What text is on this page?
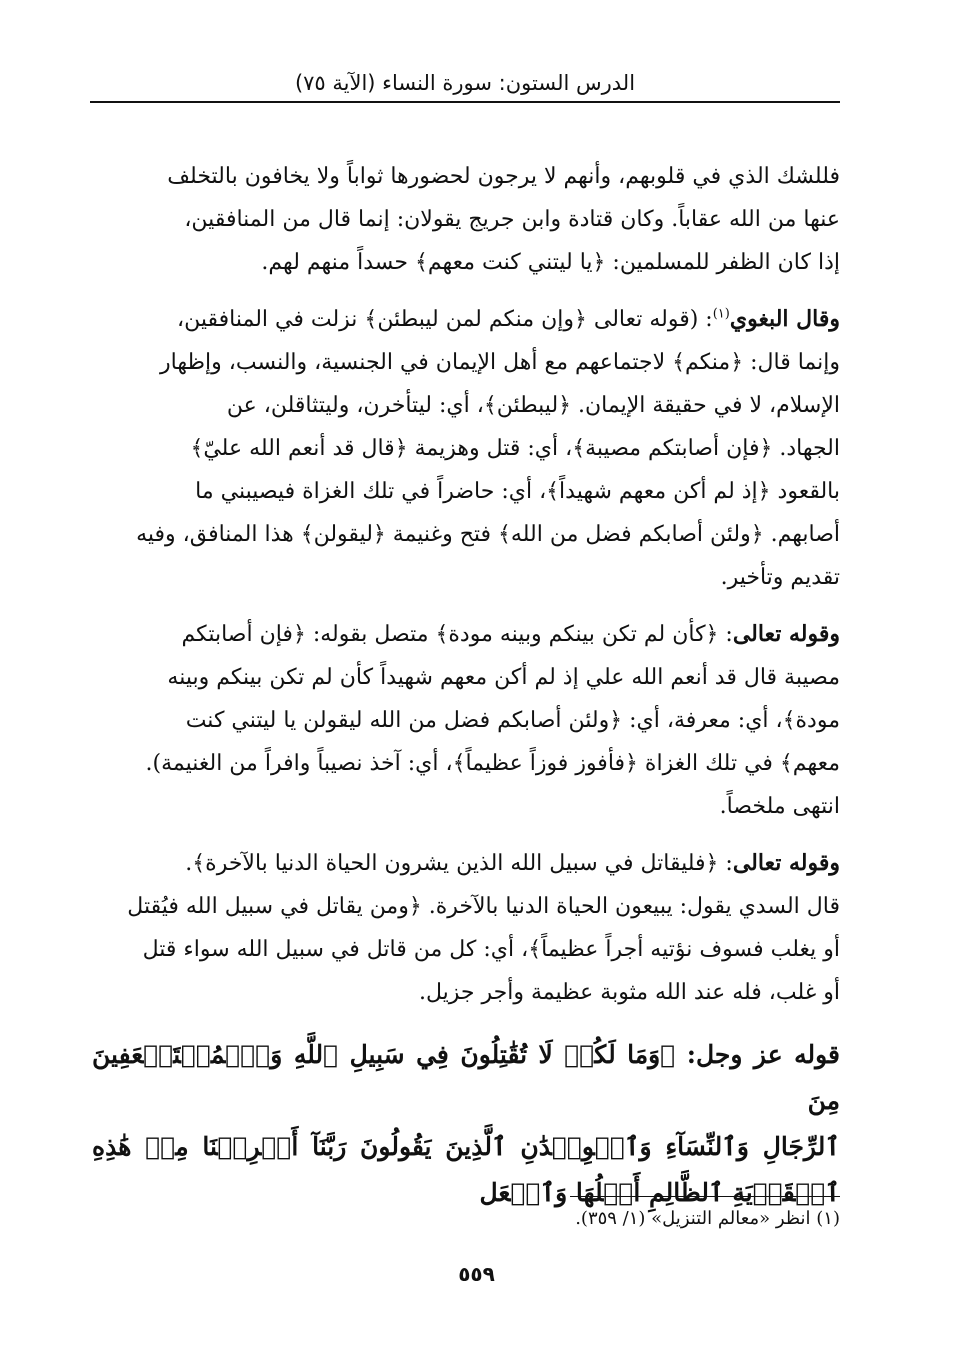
الدرس الستون: سورة النساء (الآية ٧٥)

فللشك الذي في قلوبهم، وأنهم لا يرجون لحضورها ثواباً ولا يخافون بالتخلف
عنها من الله عقاباً. وكان قتادة وابن جريج يقولان: إنما قال من المنافقين،
إذا كان الظفر للمسلمين: ﴿يا ليتني كنت معهم﴾ حسداً منهم لهم.

وقال البغوي$^{(١)}$: (قوله تعالى ﴿وإن منكم لمن ليبطئن﴾ نزلت في المنافقين،
وإنما قال: ﴿منكم﴾ لاجتماعهم مع أهل الإيمان في الجنسية، والنسب، وإظهار
الإسلام، لا في حقيقة الإيمان. ﴿ليبطئن﴾، أي: ليتأخرن، وليتثاقلن، عن
الجهاد. ﴿فإن أصابتكم مصيبة﴾، أي: قتل وهزيمة ﴿قال قد أنعم الله عليّ﴾
بالقعود ﴿إذ لم أكن معهم شهيداً﴾، أي: حاضراً في تلك الغزاة فيصيبني ما
أصابهم. ﴿ولئن أصابكم فضل من الله﴾ فتح وغنيمة ﴿ليقولن﴾ هذا المنافق، وفيه
تقديم وتأخير.

وقوله تعالى: ﴿كأن لم تكن بينكم وبينه مودة﴾ متصل بقوله: ﴿فإن أصابتكم
مصيبة قال قد أنعم الله علي إذ لم أكن معهم شهيداً كأن لم تكن بينكم وبينه
مودة﴾، أي: معرفة، أي: ﴿ولئن أصابكم فضل من الله ليقولن يا ليتني كنت
معهم﴾ في تلك الغزاة ﴿فأفوز فوزاً عظيماً﴾، أي: آخذ نصيباً وافراً من الغنيمة).
انتهى ملخصاً.

وقوله تعالى: ﴿فليقاتل في سبيل الله الذين يشرون الحياة الدنيا بالآخرة﴾.
قال السدي يقول: يبيعون الحياة الدنيا بالآخرة. ﴿ومن يقاتل في سبيل الله فيُقتل
أو يغلب فسوف نؤتيه أجراً عظيماً﴾، أي: كل من قاتل في سبيل الله سواء قتل
أو غلب، فله عند الله مثوبة عظيمة وأجر جزيل.

قوله عز وجل: ﴿وَمَا لَكُمۡ لَا تُقَٰتِلُونَ فِي سَبِيلِ ٱللَّهِ وَٱلۡمُسۡتَضۡعَفِينَ مِنَ
ٱلرِّجَالِ وَٱلنِّسَآءِ وَٱلۡوِلۡدَٰنِ ٱلَّذِينَ يَقُولُونَ رَبَّنَآ أَخۡرِجۡنَا مِنۡ هَٰذِهِ ٱلۡقَرۡيَةِ ٱلظَّالِمِ أَهۡلُهَا وَٱجۡعَل

(١) انظر «معالم التنزيل» (١/ ٣٥٩).
٥٥٩
